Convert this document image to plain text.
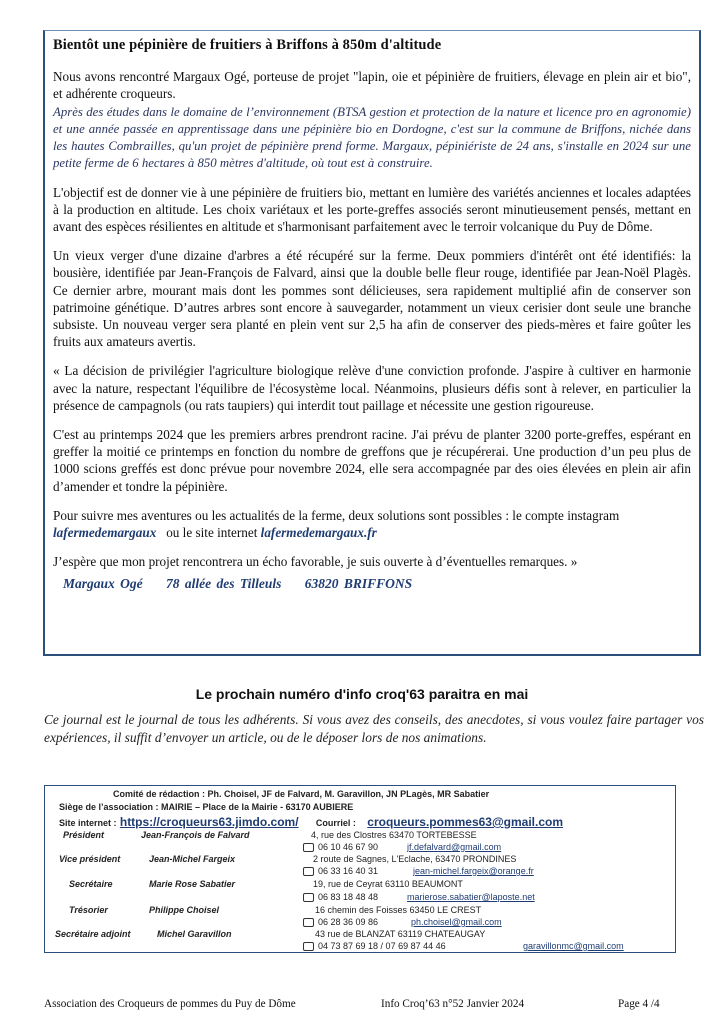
Bientôt une pépinière de fruitiers à Briffons à 850m d'altitude

Nous avons rencontré Margaux Ogé, porteuse de projet "lapin, oie et pépinière de fruitiers, élevage en plein air et bio", et adhérente croqueurs.

Après des études dans le domaine de l’environnement (BTSA gestion et protection de la nature et licence pro en agronomie) et une année passée en apprentissage dans une pépinière bio en Dordogne, c'est sur la commune de Briffons, nichée dans les hautes Combrailles, qu'un projet de pépinière prend forme. Margaux, pépiniériste de 24 ans, s'installe en 2024 sur une petite ferme de 6 hectares à 850 mètres d'altitude, où tout est à construire.

L'objectif est de donner vie à une pépinière de fruitiers bio, mettant en lumière des variétés anciennes et locales adaptées à la production en altitude. Les choix variétaux et les porte-greffes associés seront minutieusement pensés, mettant en avant des espèces résilientes en altitude et s'harmonisant parfaitement avec le terroir volcanique du Puy de Dôme.

Un vieux verger d'une dizaine d'arbres a été récupéré sur la ferme. Deux pommiers d'intérêt ont été identifiés: la bousière, identifiée par Jean-François de Falvard, ainsi que la double belle fleur rouge, identifiée par Jean-Noël Plagès. Ce dernier arbre, mourant mais dont les pommes sont délicieuses, sera rapidement multiplié afin de conserver son patrimoine génétique. D’autres arbres sont encore à sauvegarder, notamment un vieux cerisier dont seule une branche subsiste. Un nouveau verger sera planté en plein vent sur 2,5 ha afin de conserver des pieds-mères et faire goûter les fruits aux amateurs avertis.

« La décision de privilégier l'agriculture biologique relève d'une conviction profonde. J'aspire à cultiver en harmonie avec la nature, respectant l'équilibre de l'écosystème local. Néanmoins, plusieurs défis sont à relever, en particulier la présence de campagnols (ou rats taupiers) qui interdit tout paillage et nécessite une gestion rigoureuse.

C'est au printemps 2024 que les premiers arbres prendront racine. J'ai prévu de planter 3200 porte-greffes, espérant en greffer la moitié ce printemps en fonction du nombre de greffons que je récupérerai. Une production d’un peu plus de 1000 scions greffés est donc prévue pour novembre 2024, elle sera accompagnée par des oies élevées en plein air afin d’amender et tondre la pépinière.

Pour suivre mes aventures ou les actualités de la ferme, deux solutions sont possibles : le compte instagram lafermedemargaux ou le site internet lafermedemargaux.fr

J’espère que mon projet rencontrera un écho favorable, je suis ouverte à d’éventuelles remarques. »

Margaux Ogé 78 allée des Tilleuls 63820 BRIFFONS
Le prochain numéro d'info croq'63 paraitra en mai
Ce journal est le journal de tous les adhérents. Si vous avez des conseils, des anecdotes, si vous voulez faire partager vos expériences, il suffit d’envoyer un article, ou de le déposer lors de nos animations.
Comité de rédaction : Ph. Choisel, JF de Falvard, M. Garavillon, JN PLagès, MR Sabatier
Siège de l’association : MAIRIE – Place de la Mairie - 63170 AUBIERE
Site internet : https://croqueurs63.jimdo.com/ Courriel : croqueurs.pommes63@gmail.com
Président	Jean-François de Falvard	4, rue des Clostres 63470 TORTEBESSE
06 10 46 67 90	jf.defalvard@gmail.com
Vice président	Jean-Michel Fargeix	2 route de Sagnes, L'Eclache, 63470 PRONDINES
06 33 16 40 31	jean-michel.fargeix@orange.fr
Secrétaire	Marie Rose Sabatier	19, rue de Ceyrat 63110 BEAUMONT
06 83 18 48 48	marierose.sabatier@laposte.net
Trésorier	Philippe Choisel	16 chemin des Foisses 63450 LE CREST
06 28 36 09 86	ph.choisel@gmail.com
Secrétaire adjoint	Michel Garavillon	43 rue de BLANZAT 63119 CHATEAUGAY
04 73 87 69 18 / 07 69 87 44 46	garavillonmc@gmail.com
Association des Croqueurs de pommes du Puy de Dôme	Info Croq’63 n°52 Janvier 2024	Page 4 /4
